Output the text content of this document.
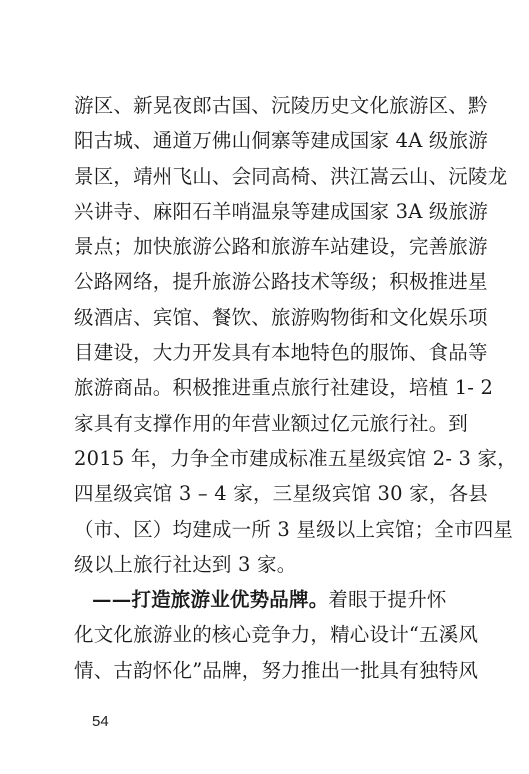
游区、新晃夜郎古国、沅陵历史文化旅游区、黔
阳古城、通道万佛山侗寨等建成国家 4A 级旅游
景区，靖州飞山、会同高椅、洪江嵩云山、沅陵龙
兴讲寺、麻阳石羊哨温泉等建成国家 3A 级旅游
景点；加快旅游公路和旅游车站建设，完善旅游
公路网络，提升旅游公路技术等级；积极推进星
级酒店、宾馆、餐饮、旅游购物街和文化娱乐项
目建设，大力开发具有本地特色的服饰、食品等
旅游商品。积极推进重点旅行社建设，培植 1- 2
家具有支撑作用的年营业额过亿元旅行社。到
2015 年，力争全市建成标准五星级宾馆 2- 3 家，
四星级宾馆 3 – 4 家，三星级宾馆 30 家，各县
（市、区）均建成一所 3 星级以上宾馆；全市四星
级以上旅行社达到 3 家。
——打造旅游业优势品牌。着眼于提升怀
化文化旅游业的核心竞争力，精心设计“五溪风
情、古韵怀化”品牌，努力推出一批具有独特风
54
